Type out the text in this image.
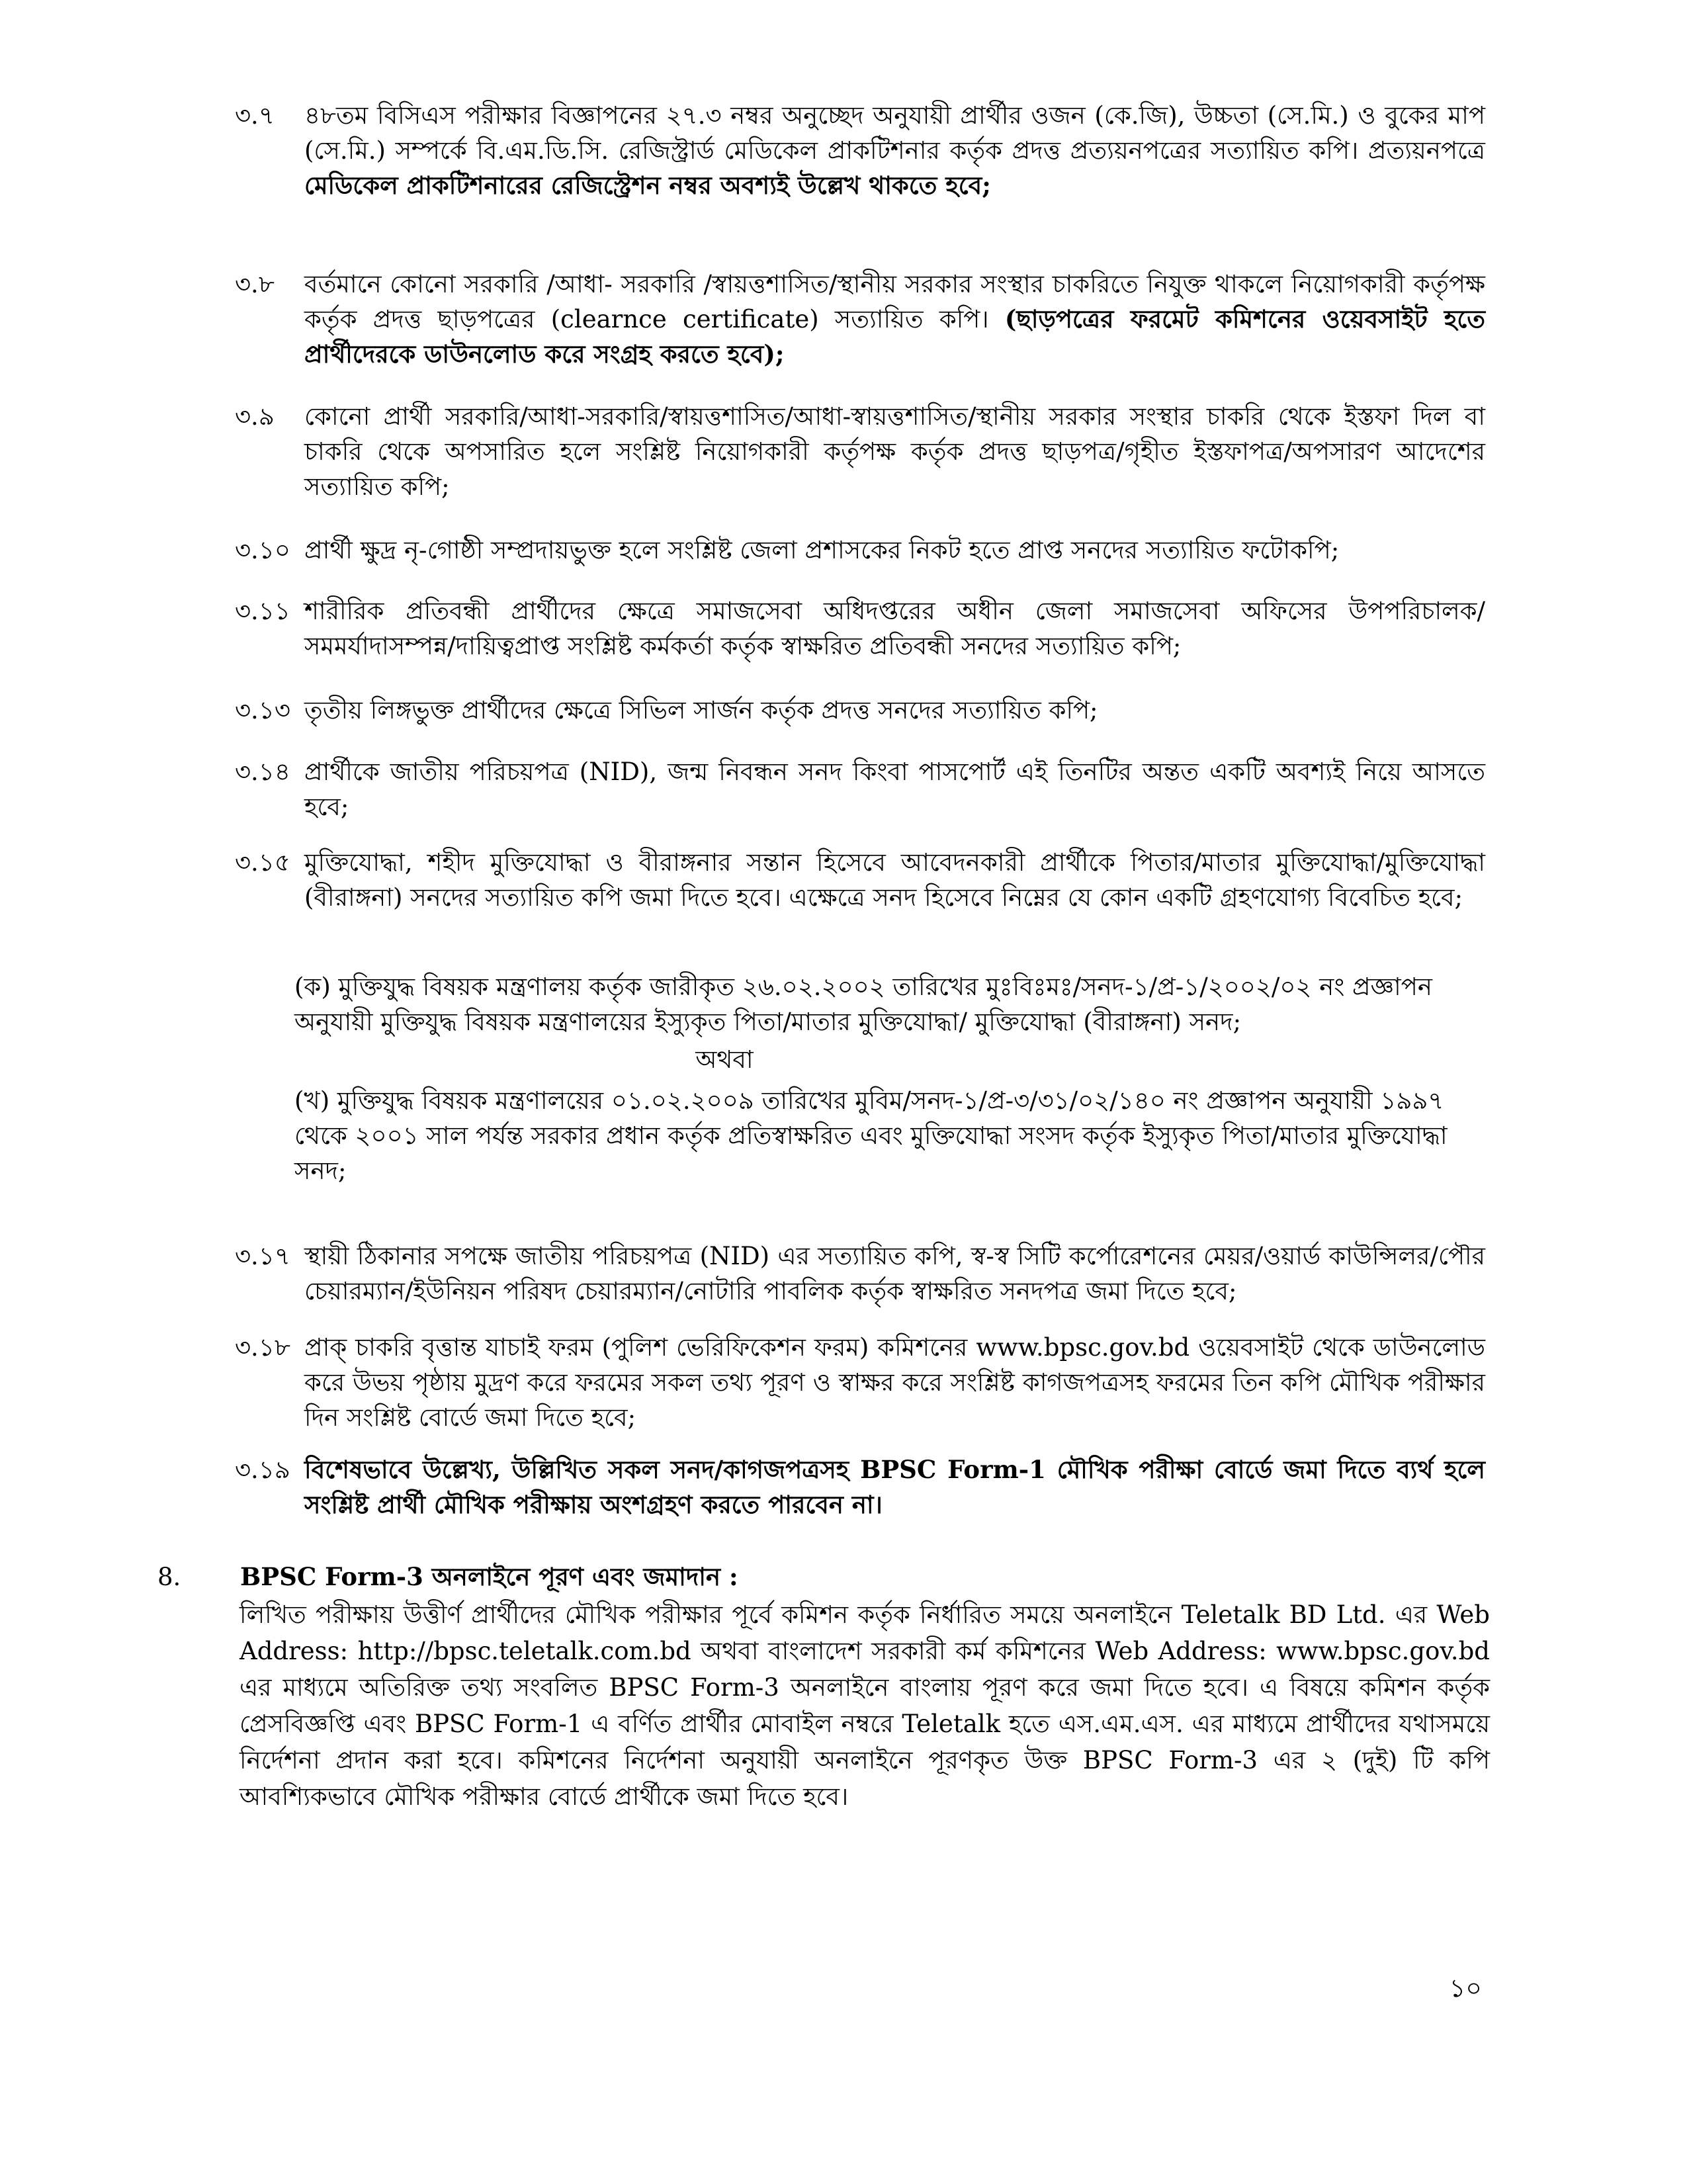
৩.৭	৪৮তম বিসিএস পরীক্ষার বিজ্ঞাপনের ২৭.৩ নম্বর অনুচ্ছেদ অনুযায়ী প্রার্থীর ওজন (কে.জি), উচ্চতা (সে.মি.) ও বুকের মাপ (সে.মি.) সম্পর্কে বি.এম.ডি.সি. রেজিস্ট্রার্ড মেডিকেল প্রাকটিশনার কর্তৃক প্রদত্ত প্রত্যয়নপত্রের সত্যায়িত কপি। প্রত্যয়নপত্রে মেডিকেল প্রাকটিশনারের রেজিস্ট্রেশন নম্বর অবশ্যই উল্লেখ থাকতে হবে;
৩.৮	বর্তমানে কোনো সরকারি /আধা- সরকারি /স্বায়ত্তশাসিত/স্থানীয় সরকার সংস্থার চাকরিতে নিযুক্ত থাকলে নিয়োগকারী কর্তৃপক্ষ কর্তৃক প্রদত্ত ছাড়পত্রের (clearnce certificate) সত্যায়িত কপি। (ছাড়পত্রের ফরমেট কমিশনের ওয়েবসাইট হতে প্রার্থীদেরকে ডাউনলোড করে সংগ্রহ করতে হবে);
৩.৯	কোনো প্রার্থী সরকারি/আধা-সরকারি/স্বায়ত্তশাসিত/আধা-স্বায়ত্তশাসিত/স্থানীয় সরকার সংস্থার চাকরি থেকে ইস্তফা দিল বা চাকরি থেকে অপসারিত হলে সংশ্লিষ্ট নিয়োগকারী কর্তৃপক্ষ কর্তৃক প্রদত্ত ছাড়পত্র/গৃহীত ইস্তফাপত্র/অপসারণ আদেশের সত্যায়িত কপি;
৩.১০ প্রার্থী ক্ষুদ্র নৃ-গোষ্ঠী সম্প্রদায়ভুক্ত হলে সংশ্লিষ্ট জেলা প্রশাসকের নিকট হতে প্রাপ্ত সনদের সত্যায়িত ফটোকপি;
৩.১১ শারীরিক প্রতিবন্ধী প্রার্থীদের ক্ষেত্রে সমাজসেবা অধিদপ্তরের অধীন জেলা সমাজসেবা অফিসের উপপরিচালক/ সমমর্যাদাসম্পন্ন/দায়িত্বপ্রাপ্ত সংশ্লিষ্ট কর্মকর্তা কর্তৃক স্বাক্ষরিত প্রতিবন্ধী সনদের সত্যায়িত কপি;
৩.১৩ তৃতীয় লিঙ্গভুক্ত প্রার্থীদের ক্ষেত্রে সিভিল সার্জন কর্তৃক প্রদত্ত সনদের সত্যায়িত কপি;
৩.১৪ প্রার্থীকে জাতীয় পরিচয়পত্র (NID), জন্ম নিবন্ধন সনদ কিংবা পাসপোর্ট এই তিনটির অন্তত একটি অবশ্যই নিয়ে আসতে হবে;
৩.১৫ মুক্তিযোদ্ধা, শহীদ মুক্তিযোদ্ধা ও বীরাঙ্গনার সন্তান হিসেবে আবেদনকারী প্রার্থীকে পিতার/মাতার মুক্তিযোদ্ধা/মুক্তিযোদ্ধা (বীরাঙ্গনা) সনদের সত্যায়িত কপি জমা দিতে হবে। এক্ষেত্রে সনদ হিসেবে নিম্নের যে কোন একটি গ্রহণযোগ্য বিবেচিত হবে;
(ক) মুক্তিযুদ্ধ বিষয়ক মন্ত্রণালয় কর্তৃক জারীকৃত ২৬.০২.২০০২ তারিখের মুঃবিঃমঃ/সনদ-১/প্র-১/২০০২/০২ নং প্রজ্ঞাপন অনুযায়ী মুক্তিযুদ্ধ বিষয়ক মন্ত্রণালয়ের ইস্যুকৃত পিতা/মাতার মুক্তিযোদ্ধা/ মুক্তিযোদ্ধা (বীরাঙ্গনা) সনদ;
অথবা
(খ) মুক্তিযুদ্ধ বিষয়ক মন্ত্রণালয়ের ০১.০২.২০০৯ তারিখের মুবিম/সনদ-১/প্র-৩/৩১/০২/১৪০ নং প্রজ্ঞাপন অনুযায়ী ১৯৯৭ থেকে ২০০১ সাল পর্যন্ত সরকার প্রধান কর্তৃক প্রতিস্বাক্ষরিত এবং মুক্তিযোদ্ধা সংসদ কর্তৃক ইস্যুকৃত পিতা/মাতার মুক্তিযোদ্ধা সনদ;
৩.১৭ স্থায়ী ঠিকানার সপক্ষে জাতীয় পরিচয়পত্র (NID) এর সত্যায়িত কপি, স্ব-স্ব সিটি কর্পোরেশনের মেয়র/ওয়ার্ড কাউন্সিলর/পৌর চেয়ারম্যান/ইউনিয়ন পরিষদ চেয়ারম্যান/নোটারি পাবলিক কর্তৃক স্বাক্ষরিত সনদপত্র জমা দিতে হবে;
৩.১৮ প্রাক্ চাকরি বৃত্তান্ত যাচাই ফরম (পুলিশ ভেরিফিকেশন ফরম) কমিশনের www.bpsc.gov.bd ওয়েবসাইট থেকে ডাউনলোড করে উভয় পৃষ্ঠায় মুদ্রণ করে ফরমের সকল তথ্য পূরণ ও স্বাক্ষর করে সংশ্লিষ্ট কাগজপত্রসহ ফরমের তিন কপি মৌখিক পরীক্ষার দিন সংশ্লিষ্ট বোর্ডে জমা দিতে হবে;
৩.১৯ বিশেষভাবে উল্লেখ্য, উল্লিখিত সকল সনদ/কাগজপত্রসহ BPSC Form-1 মৌখিক পরীক্ষা বোর্ডে জমা দিতে ব্যর্থ হলে সংশ্লিষ্ট প্রার্থী মৌখিক পরীক্ষায় অংশগ্রহণ করতে পারবেন না।
8.	BPSC Form-3 অনলাইনে পূরণ এবং জমাদান :
লিখিত পরীক্ষায় উত্তীর্ণ প্রার্থীদের মৌখিক পরীক্ষার পূর্বে কমিশন কর্তৃক নির্ধারিত সময়ে অনলাইনে Teletalk BD Ltd. এর Web Address: http://bpsc.teletalk.com.bd অথবা বাংলাদেশ সরকারী কর্ম কমিশনের Web Address: www.bpsc.gov.bd এর মাধ্যমে অতিরিক্ত তথ্য সংবলিত BPSC Form-3 অনলাইনে বাংলায় পূরণ করে জমা দিতে হবে। এ বিষয়ে কমিশন কর্তৃক প্রেসবিজ্ঞপ্তি এবং BPSC Form-1 এ বর্ণিত প্রার্থীর মোবাইল নম্বরে Teletalk হতে এস.এম.এস. এর মাধ্যমে প্রার্থীদের যথাসময়ে নির্দেশনা প্রদান করা হবে। কমিশনের নির্দেশনা অনুযায়ী অনলাইনে পূরণকৃত উক্ত BPSC Form-3 এর ২ (দুই) টি কপি আবশ্যিকভাবে মৌখিক পরীক্ষার বোর্ডে প্রার্থীকে জমা দিতে হবে।
১০
